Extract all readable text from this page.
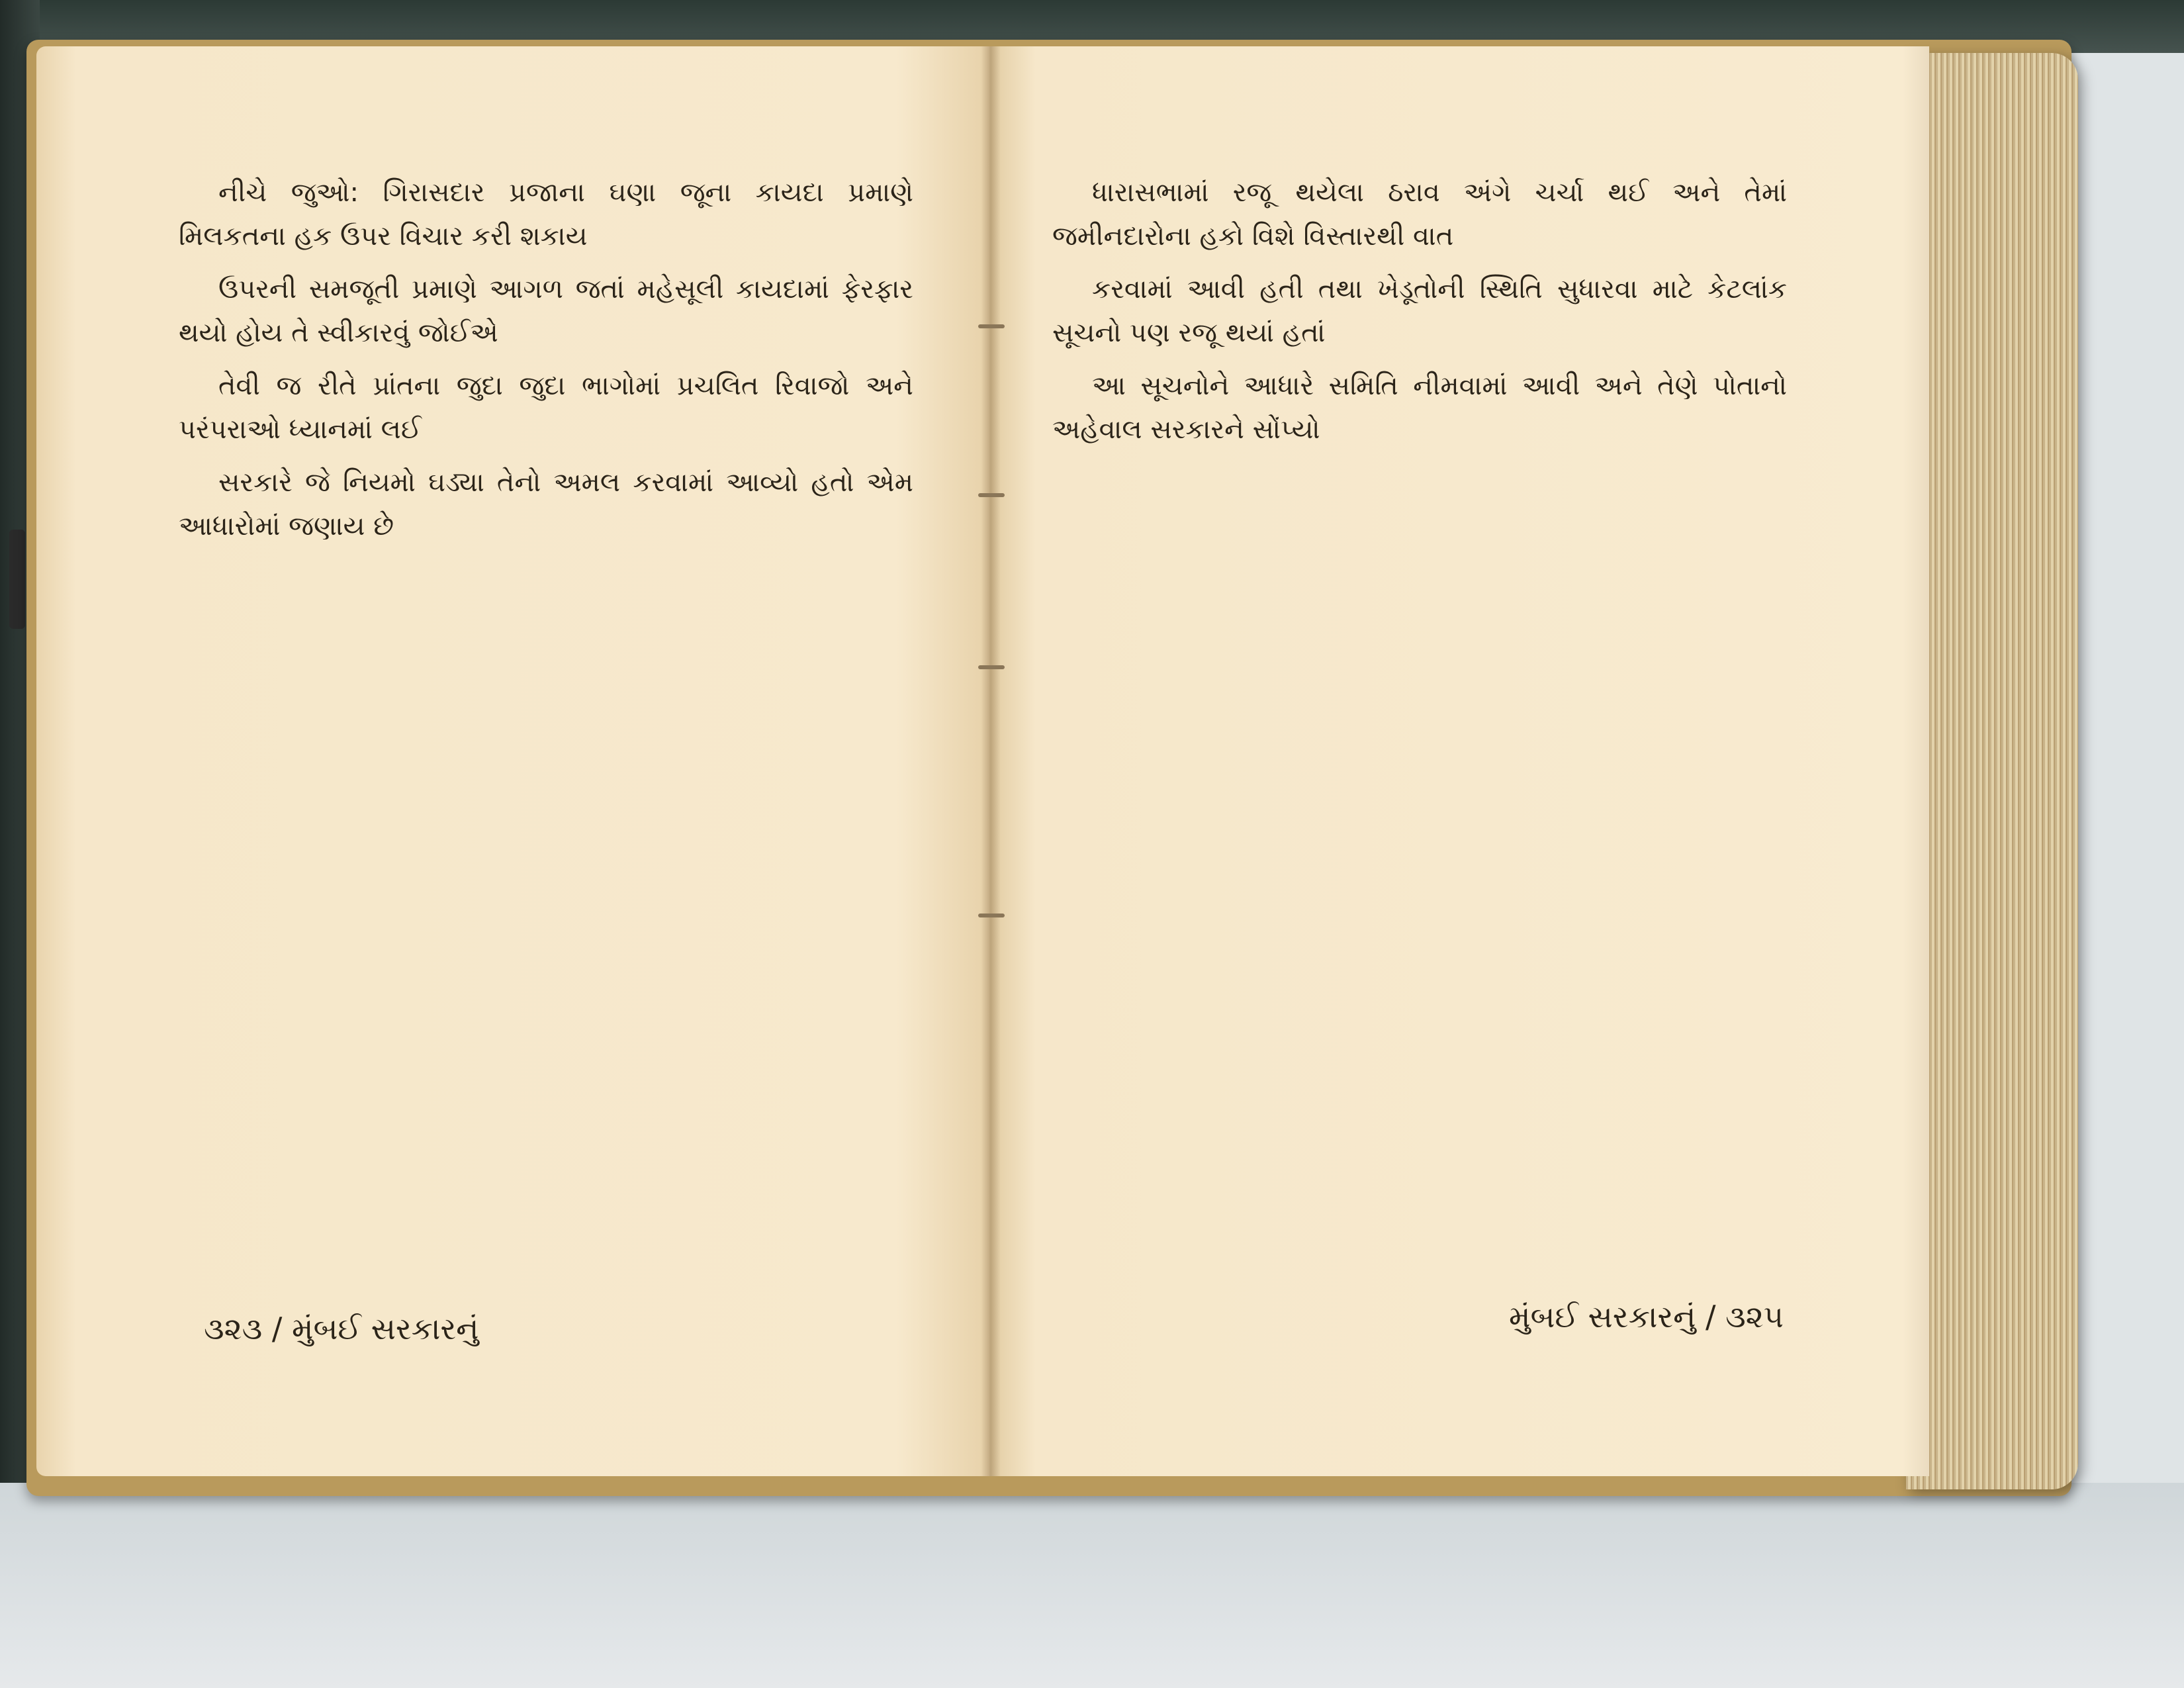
નીચે જુઓ: ગિરાસદાર પ્રજાના ઘણા જૂના કાયદા પ્રમાણે મિલકતના હક ઉપર વિચાર કરી શકાય

ઉપરની સમજૂતી પ્રમાણે આગળ જતાં મહેસૂલી કાયદામાં ફેરફાર થયો હોય તે સ્વીકારવું જોઈએ

તેવી જ રીતે પ્રાંતના જુદા જુદા ભાગોમાં પ્રચલિત રિવાજો અને પરંપરાઓ ધ્યાનમાં લઈ

સરકારે જે નિયમો ઘડ્યા તેનો અમલ કરવામાં આવ્યો હતો એમ આધારોમાં જણાય છે

ધારાસભામાં રજૂ થયેલા ઠરાવ અંગે ચર્ચા થઈ અને તેમાં જમીનદારોના હકો વિશે વિસ્તારથી વાત

કરવામાં આવી હતી તથા ખેડૂતોની સ્થિતિ સુધારવા માટે કેટલાંક સૂચનો પણ રજૂ થયાં હતાં

આ સૂચનોને આધારે સમિતિ નીમવામાં આવી અને તેણે પોતાનો અહેવાલ સરકારને સોંપ્યો

૩૨૩ / મુંબઈ સરકારનું	મુંબઈ સરકારનું / ૩૨૫
